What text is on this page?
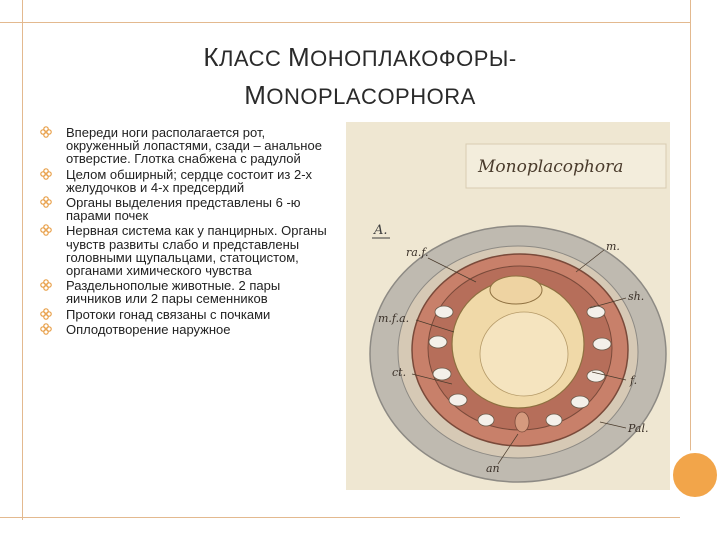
КЛАСС МОНОПЛАКОФОРЫ-
MONOPLACOPHORA
Впереди ноги располагается рот, окруженный лопастями, сзади – анальное отверстие. Глотка снабжена с радулой
Целом обширный; сердце состоит из 2-х желудочков и 4-х предсердий
Органы выделения представлены 6 -ю парами почек
Нервная система как у панцирных. Органы чувств развиты слабо и представлены головными щупальцами, статоцистом, органами химического чувства
Раздельнополые животные. 2 пары яичников или 2 пары семенников
Протоки гонад связаны с почками
Оплодотворение наружное
Monoplacophora
A.
ra.f.	m.
sh.
m.f.a.
ct.
f.
Pal.
an
